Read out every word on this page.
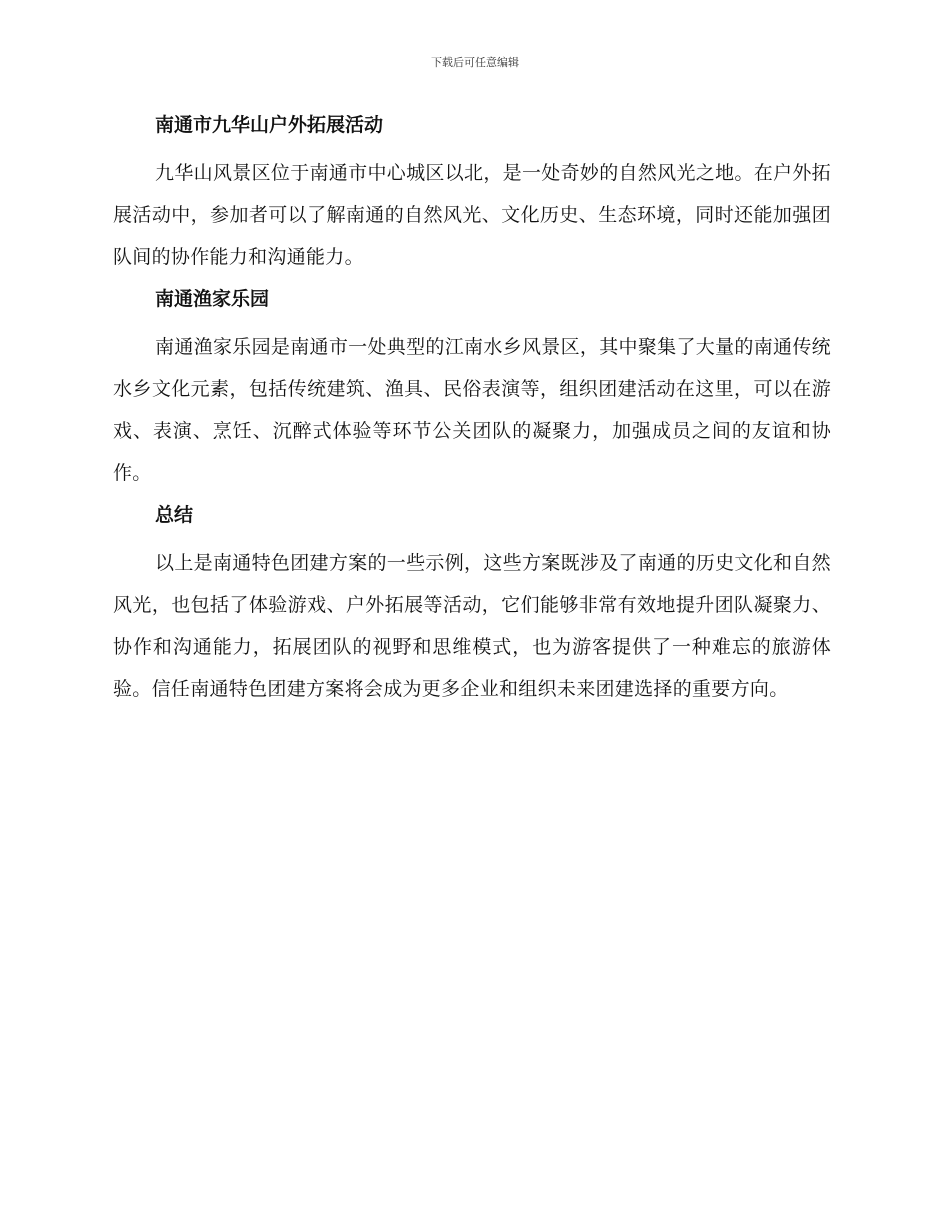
下载后可任意编辑
南通市九华山户外拓展活动

九华山风景区位于南通市中心城区以北，是一处奇妙的自然风光之地。在户外拓展活动中，参加者可以了解南通的自然风光、文化历史、生态环境，同时还能加强团队间的协作能力和沟通能力。

南通渔家乐园

南通渔家乐园是南通市一处典型的江南水乡风景区，其中聚集了大量的南通传统水乡文化元素，包括传统建筑、渔具、民俗表演等，组织团建活动在这里，可以在游戏、表演、烹饪、沉醉式体验等环节公关团队的凝聚力，加强成员之间的友谊和协作。

总结

以上是南通特色团建方案的一些示例，这些方案既涉及了南通的历史文化和自然风光，也包括了体验游戏、户外拓展等活动，它们能够非常有效地提升团队凝聚力、协作和沟通能力，拓展团队的视野和思维模式，也为游客提供了一种难忘的旅游体验。信任南通特色团建方案将会成为更多企业和组织未来团建选择的重要方向。
